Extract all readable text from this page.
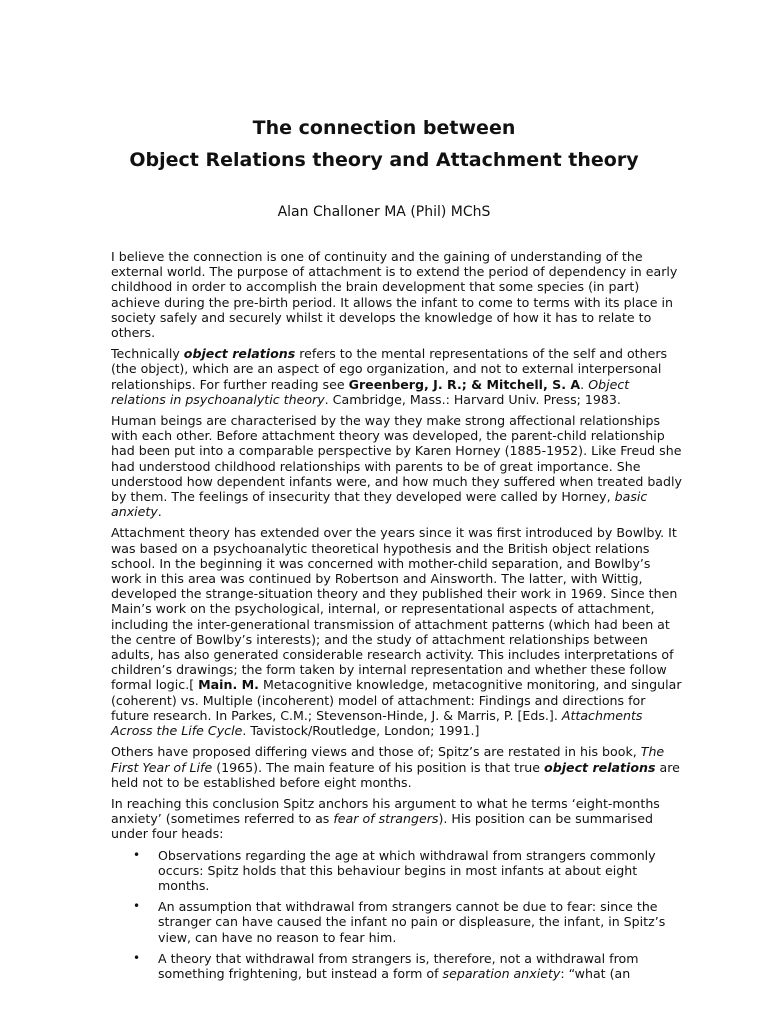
The connection between
Object Relations theory and Attachment theory
Alan Challoner MA (Phil) MChS

I believe the connection is one of continuity and the gaining of understanding of the external world. The purpose of attachment is to extend the period of dependency in early childhood in order to accomplish the brain development that some species (in part) achieve during the pre-birth period. It allows the infant to come to terms with its place in society safely and securely whilst it develops the knowledge of how it has to relate to others.

Technically object relations refers to the mental representations of the self and others (the object), which are an aspect of ego organization, and not to external interpersonal relationships. For further reading see Greenberg, J. R.; & Mitchell, S. A. Object relations in psychoanalytic theory. Cambridge, Mass.: Harvard Univ. Press; 1983.

Human beings are characterised by the way they make strong affectional relationships with each other. Before attachment theory was developed, the parent-child relationship had been put into a comparable perspective by Karen Horney (1885-1952). Like Freud she had understood childhood relationships with parents to be of great importance. She understood how dependent infants were, and how much they suffered when treated badly by them. The feelings of insecurity that they developed were called by Horney, basic anxiety.

Attachment theory has extended over the years since it was first introduced by Bowlby. It was based on a psychoanalytic theoretical hypothesis and the British object relations school. In the beginning it was concerned with mother-child separation, and Bowlby’s work in this area was continued by Robertson and Ainsworth. The latter, with Wittig, developed the strange-situation theory and they published their work in 1969. Since then Main’s work on the psychological, internal, or representational aspects of attachment, including the inter-generational transmission of attachment patterns (which had been at the centre of Bowlby’s interests); and the study of attachment relationships between adults, has also generated considerable research activity. This includes interpretations of children’s drawings; the form taken by internal representation and whether these follow formal logic.[ Main. M. Metacognitive knowledge, metacognitive monitoring, and singular (coherent) vs. Multiple (incoherent) model of attachment: Findings and directions for future research. In Parkes, C.M.; Stevenson-Hinde, J. & Marris, P. [Eds.]. Attachments Across the Life Cycle. Tavistock/Routledge, London; 1991.]

Others have proposed differing views and those of; Spitz’s are restated in his book, The First Year of Life (1965). The main feature of his position is that true object relations are held not to be established before eight months.

In reaching this conclusion Spitz anchors his argument to what he terms ‘eight-months anxiety’ (sometimes referred to as fear of strangers). His position can be summarised under four heads:

• Observations regarding the age at which withdrawal from strangers commonly occurs: Spitz holds that this behaviour begins in most infants at about eight months.
• An assumption that withdrawal from strangers cannot be due to fear: since the stranger can have caused the infant no pain or displeasure, the infant, in Spitz’s view, can have no reason to fear him.
• A theory that withdrawal from strangers is, therefore, not a withdrawal from something frightening, but instead a form of separation anxiety: “what (an
